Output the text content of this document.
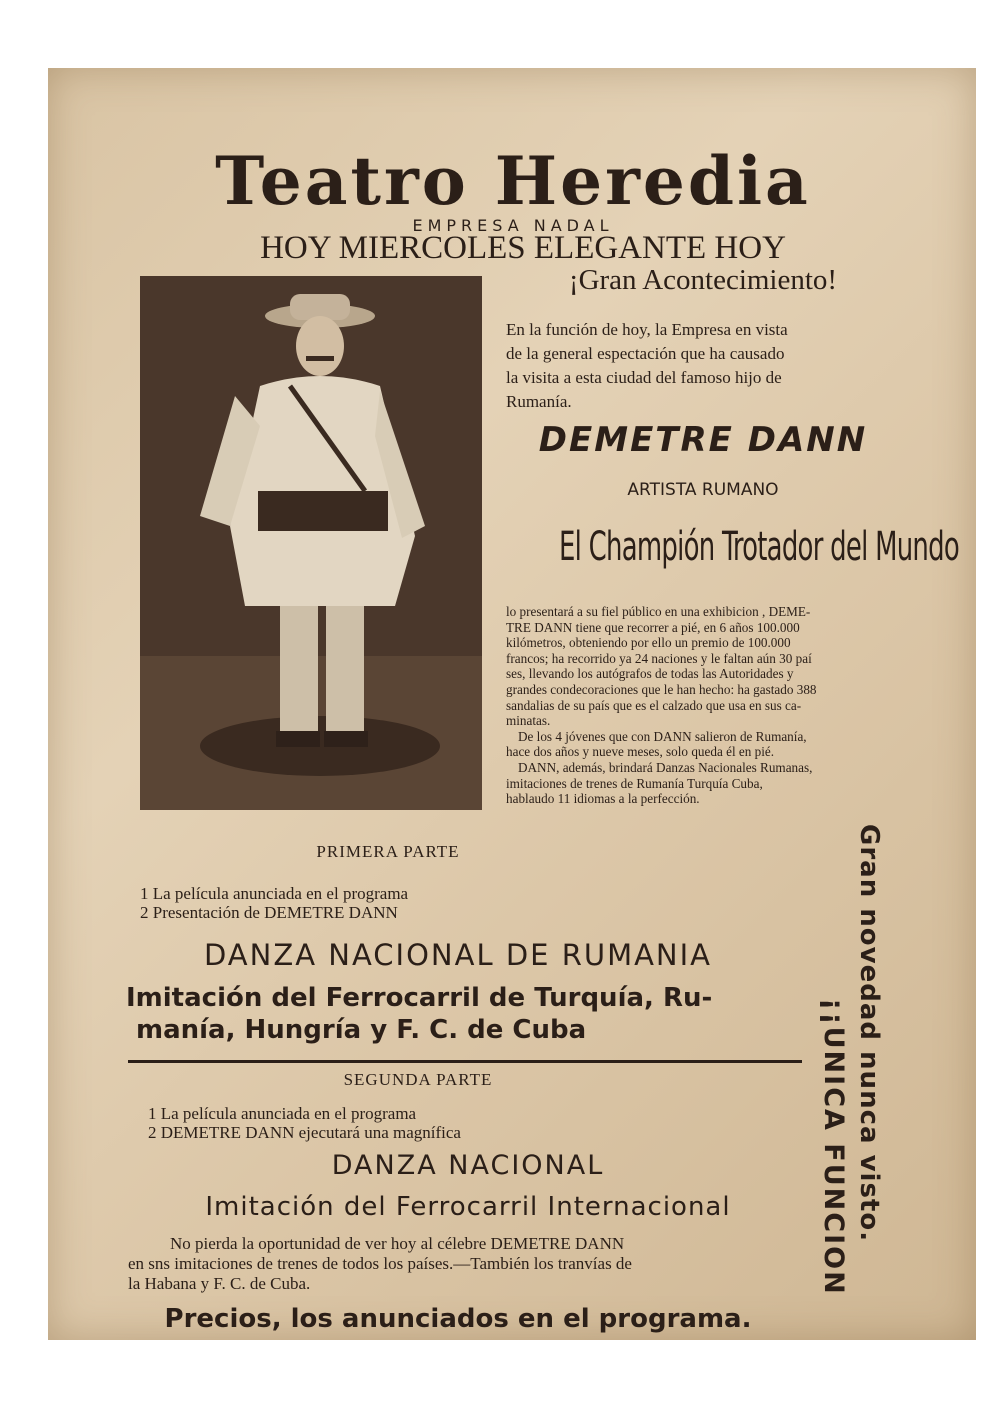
Teatro Heredia
EMPRESA NADAL
HOY MIERCOLES ELEGANTE HOY
¡Gran Acontecimiento!
En la función de hoy, la Empresa en vista
de la general espectación que ha causado
la visita a esta ciudad del famoso hijo de
Rumanía.
DEMETRE DANN
ARTISTA RUMANO
El Champión Trotador del Mundo
lo presentará a su fiel público en una exhibicion , DEME-
TRE DANN tiene que recorrer a pié, en 6 años 100.000
kilómetros, obteniendo por ello un premio de 100.000
francos; ha recorrido ya 24 naciones y le faltan aún 30 paí
ses, llevando los autógrafos de todas las Autoridades y
grandes condecoraciones que le han hecho: ha gastado 388
sandalias de su país que es el calzado que usa en sus ca-
minatas.
De los 4 jóvenes que con DANN salieron de Rumanía,
hace dos años y nueve meses, solo queda él en pié.
DANN, además, brindará Danzas Nacionales Rumanas,
imitaciones de trenes de Rumanía Turquía Cuba,
hablaudo 11 idiomas a la perfección.
PRIMERA PARTE
1 La película anunciada en el programa
2 Presentación de DEMETRE DANN
DANZA NACIONAL DE RUMANIA
Imitación del Ferrocarril de Turquía, Ru-
manía, Hungría y F. C. de Cuba
SEGUNDA PARTE
1 La película anunciada en el programa
2 DEMETRE DANN ejecutará una magnífica
DANZA NACIONAL
Imitación del Ferrocarril Internacional
No pierda la oportunidad de ver hoy al célebre DEMETRE DANN
en sns imitaciones de trenes de todos los países.—También los tranvías de
la Habana y F. C. de Cuba.
Precios, los anunciados en el programa.
Gran novedad nunca visto.
¡¡UNICA FUNCION
